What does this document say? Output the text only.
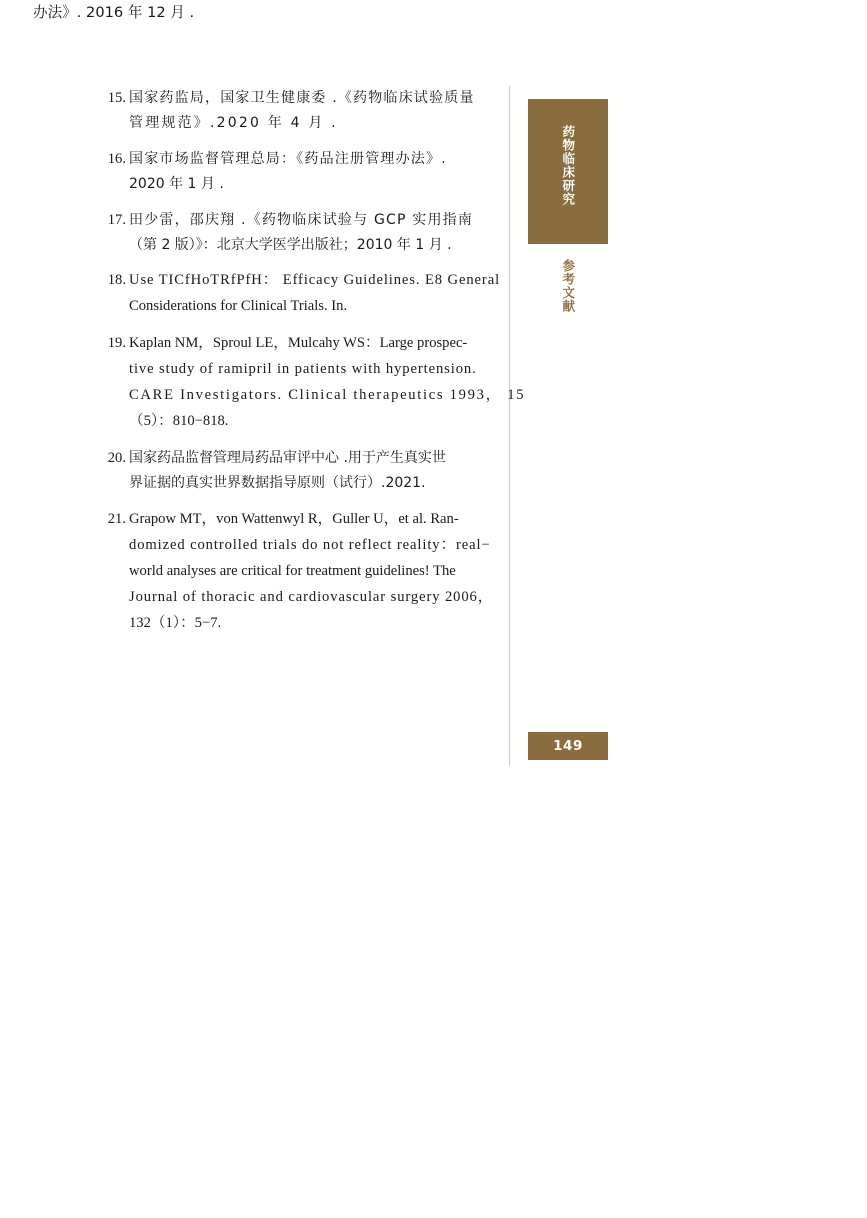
办法》. 2016 年 12 月 .
15. 国家药监局，国家卫生健康委 .《药物临床试验质量
管理规范》.2020 年 4 月 .
16. 国家市场监督管理总局：《药品注册管理办法》.
2020 年 1 月 .
17. 田少雷，邵庆翔 .《药物临床试验与 GCP 实用指南
（第 2 版）》：北京大学医学出版社；2010 年 1 月 .
18. Use TICfHoTRfPfH： Efficacy Guidelines. E8 General
Considerations for Clinical Trials. In.
19. Kaplan NM，Sproul LE，Mulcahy WS：Large prospec-
tive study of ramipril in patients with hypertension.
CARE Investigators. Clinical therapeutics 1993， 15
（5）：810−818.
20. 国家药品监督管理局药品审评中心 .用于产生真实世
界证据的真实世界数据指导原则（试行）.2021.
21. Grapow MT，von Wattenwyl R，Guller U，et al. Ran-
domized controlled trials do not reflect reality：real−
world analyses are critical for treatment guidelines! The
Journal of thoracic and cardiovascular surgery 2006，
132（1）：5−7.
药物临床研究
参考文献
149
